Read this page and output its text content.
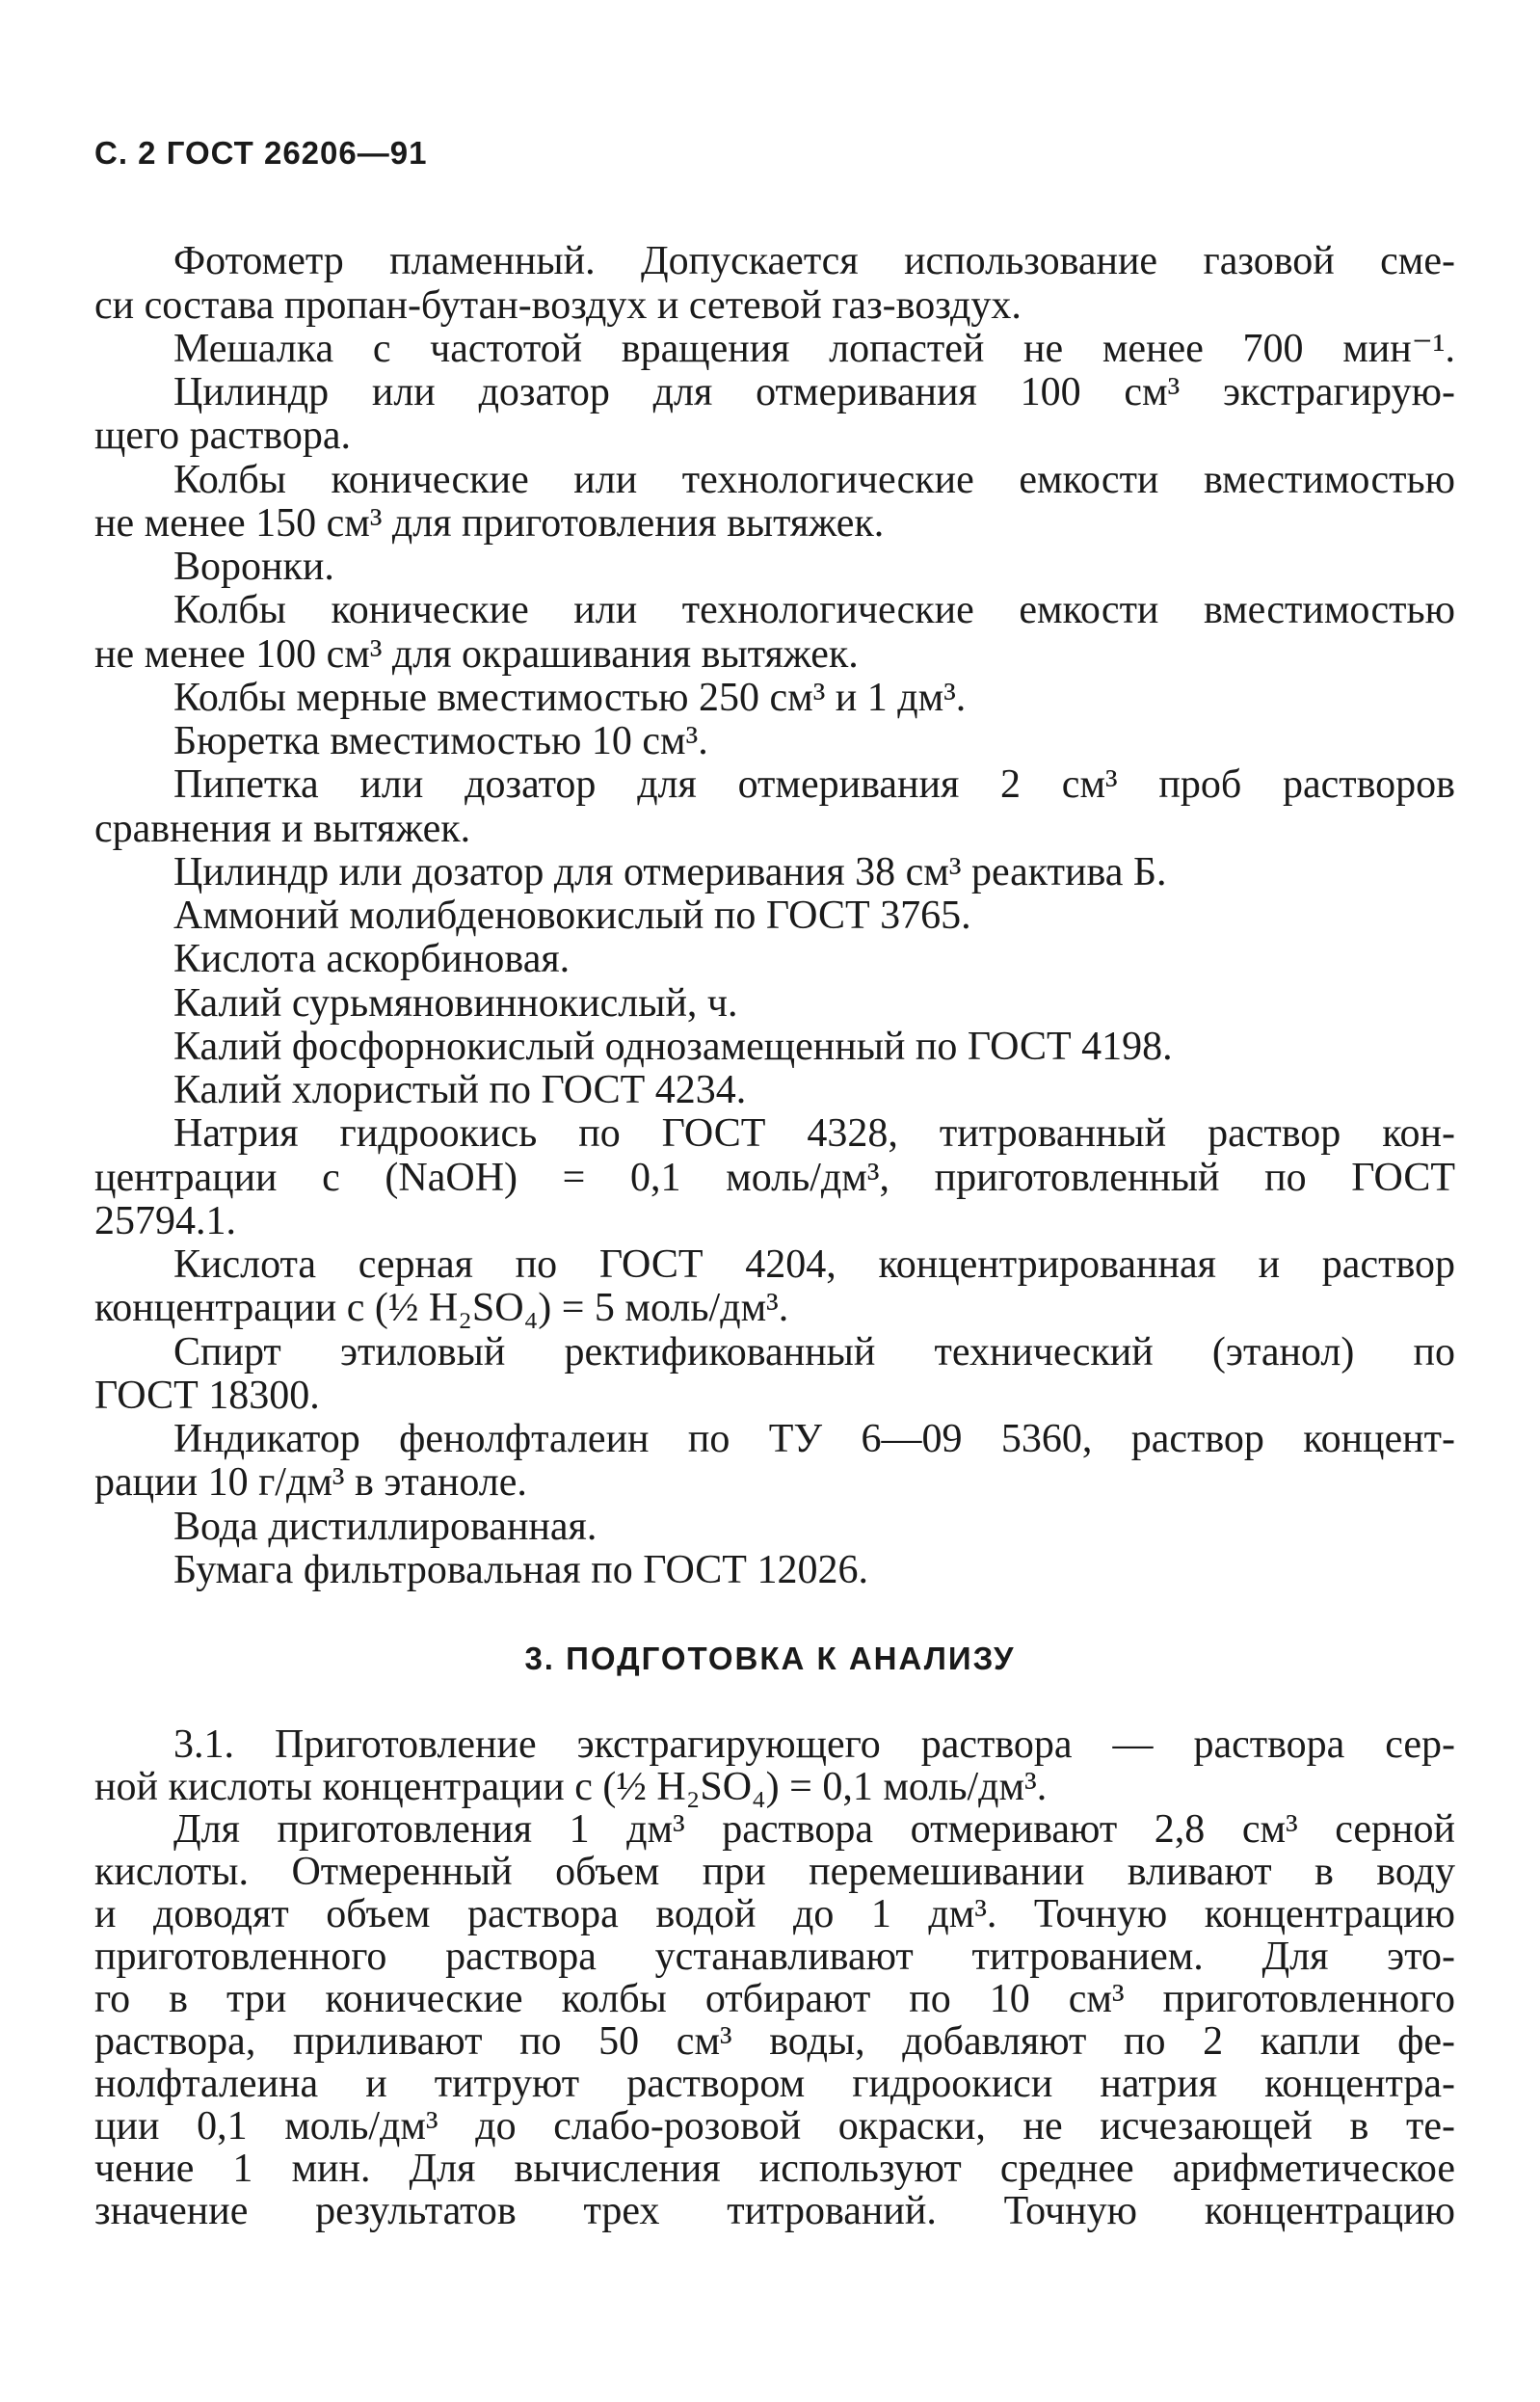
С. 2 ГОСТ 26206—91
Фотометр пламенный. Допускается использование газовой сме-
си состава пропан-бутан-воздух и сетевой газ-воздух.
Мешалка с частотой вращения лопастей не менее 700 мин⁻¹.
Цилиндр или дозатор для отмеривания 100 см³ экстрагирую-
щего раствора.
Колбы конические или технологические емкости вместимостью
не менее 150 см³ для приготовления вытяжек.
Воронки.
Колбы конические или технологические емкости вместимостью
не менее 100 см³ для окрашивания вытяжек.
Колбы мерные вместимостью 250 см³ и 1 дм³.
Бюретка вместимостью 10 см³.
Пипетка или дозатор для отмеривания 2 см³ проб растворов
сравнения и вытяжек.
Цилиндр или дозатор для отмеривания 38 см³ реактива Б.
Аммоний молибденовокислый по ГОСТ 3765.
Кислота аскорбиновая.
Калий сурьмяновиннокислый, ч.
Калий фосфорнокислый однозамещенный по ГОСТ 4198.
Калий хлористый по ГОСТ 4234.
Натрия гидроокись по ГОСТ 4328, титрованный раствор кон-
центрации c (NaOH) = 0,1 моль/дм³, приготовленный по ГОСТ
25794.1.
Кислота серная по ГОСТ 4204, концентрированная и раствор
концентрации c (½ H₂SO₄) = 5 моль/дм³.
Спирт этиловый ректификованный технический (этанол) по
ГОСТ 18300.
Индикатор фенолфталеин по ТУ 6—09 5360, раствор концент-
рации 10 г/дм³ в этаноле.
Вода дистиллированная.
Бумага фильтровальная по ГОСТ 12026.
3. ПОДГОТОВКА К АНАЛИЗУ
3.1. Приготовление экстрагирующего раствора — раствора сер-
ной кислоты концентрации c (½ H₂SO₄) = 0,1 моль/дм³.
Для приготовления 1 дм³ раствора отмеривают 2,8 см³ серной
кислоты. Отмеренный объем при перемешивании вливают в воду
и доводят объем раствора водой до 1 дм³. Точную концентрацию
приготовленного раствора устанавливают титрованием. Для это-
го в три конические колбы отбирают по 10 см³ приготовленного
раствора, приливают по 50 см³ воды, добавляют по 2 капли фе-
нолфталеина и титруют раствором гидроокиси натрия концентра-
ции 0,1 моль/дм³ до слабо-розовой окраски, не исчезающей в те-
чение 1 мин. Для вычисления используют среднее арифметическое
значение результатов трех титрований. Точную концентрацию
